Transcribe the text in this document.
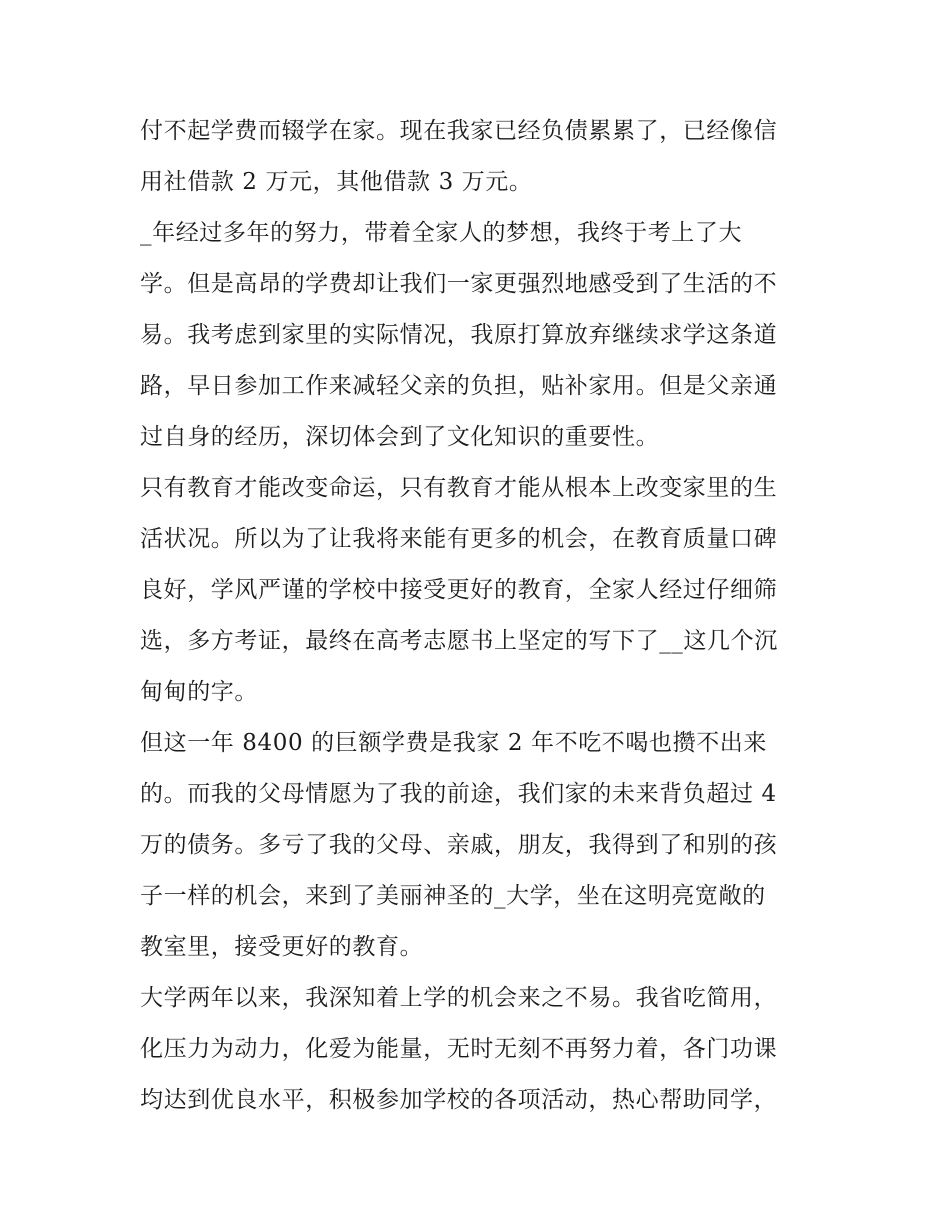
付不起学费而辍学在家。现在我家已经负债累累了，已经像信
用社借款 2 万元，其他借款 3 万元。
_年经过多年的努力，带着全家人的梦想，我终于考上了大
学。但是高昂的学费却让我们一家更强烈地感受到了生活的不
易。我考虑到家里的实际情况，我原打算放弃继续求学这条道
路，早日参加工作来减轻父亲的负担，贴补家用。但是父亲通
过自身的经历，深切体会到了文化知识的重要性。
只有教育才能改变命运，只有教育才能从根本上改变家里的生
活状况。所以为了让我将来能有更多的机会，在教育质量口碑
良好，学风严谨的学校中接受更好的教育，全家人经过仔细筛
选，多方考证，最终在高考志愿书上坚定的写下了__这几个沉
甸甸的字。
但这一年 8400 的巨额学费是我家 2 年不吃不喝也攒不出来
的。而我的父母情愿为了我的前途，我们家的未来背负超过 4
万的债务。多亏了我的父母、亲戚，朋友，我得到了和别的孩
子一样的机会，来到了美丽神圣的_大学，坐在这明亮宽敞的
教室里，接受更好的教育。
大学两年以来，我深知着上学的机会来之不易。我省吃简用，
化压力为动力，化爱为能量，无时无刻不再努力着，各门功课
均达到优良水平，积极参加学校的各项活动，热心帮助同学，
